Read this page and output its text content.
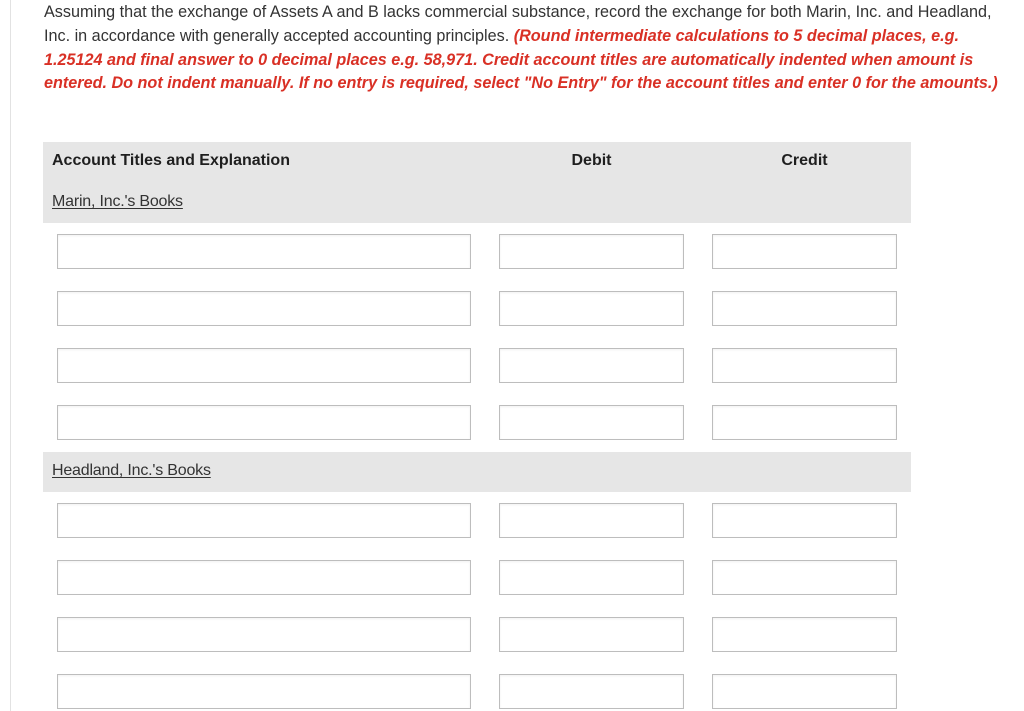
Assuming that the exchange of Assets A and B lacks commercial substance, record the exchange for both Marin, Inc. and Headland, Inc. in accordance with generally accepted accounting principles. (Round intermediate calculations to 5 decimal places, e.g. 1.25124 and final answer to 0 decimal places e.g. 58,971. Credit account titles are automatically indented when amount is entered. Do not indent manually. If no entry is required, select "No Entry" for the account titles and enter 0 for the amounts.)

Account Titles and Explanation	Debit	Credit
Marin, Inc.'s Books
Headland, Inc.'s Books
